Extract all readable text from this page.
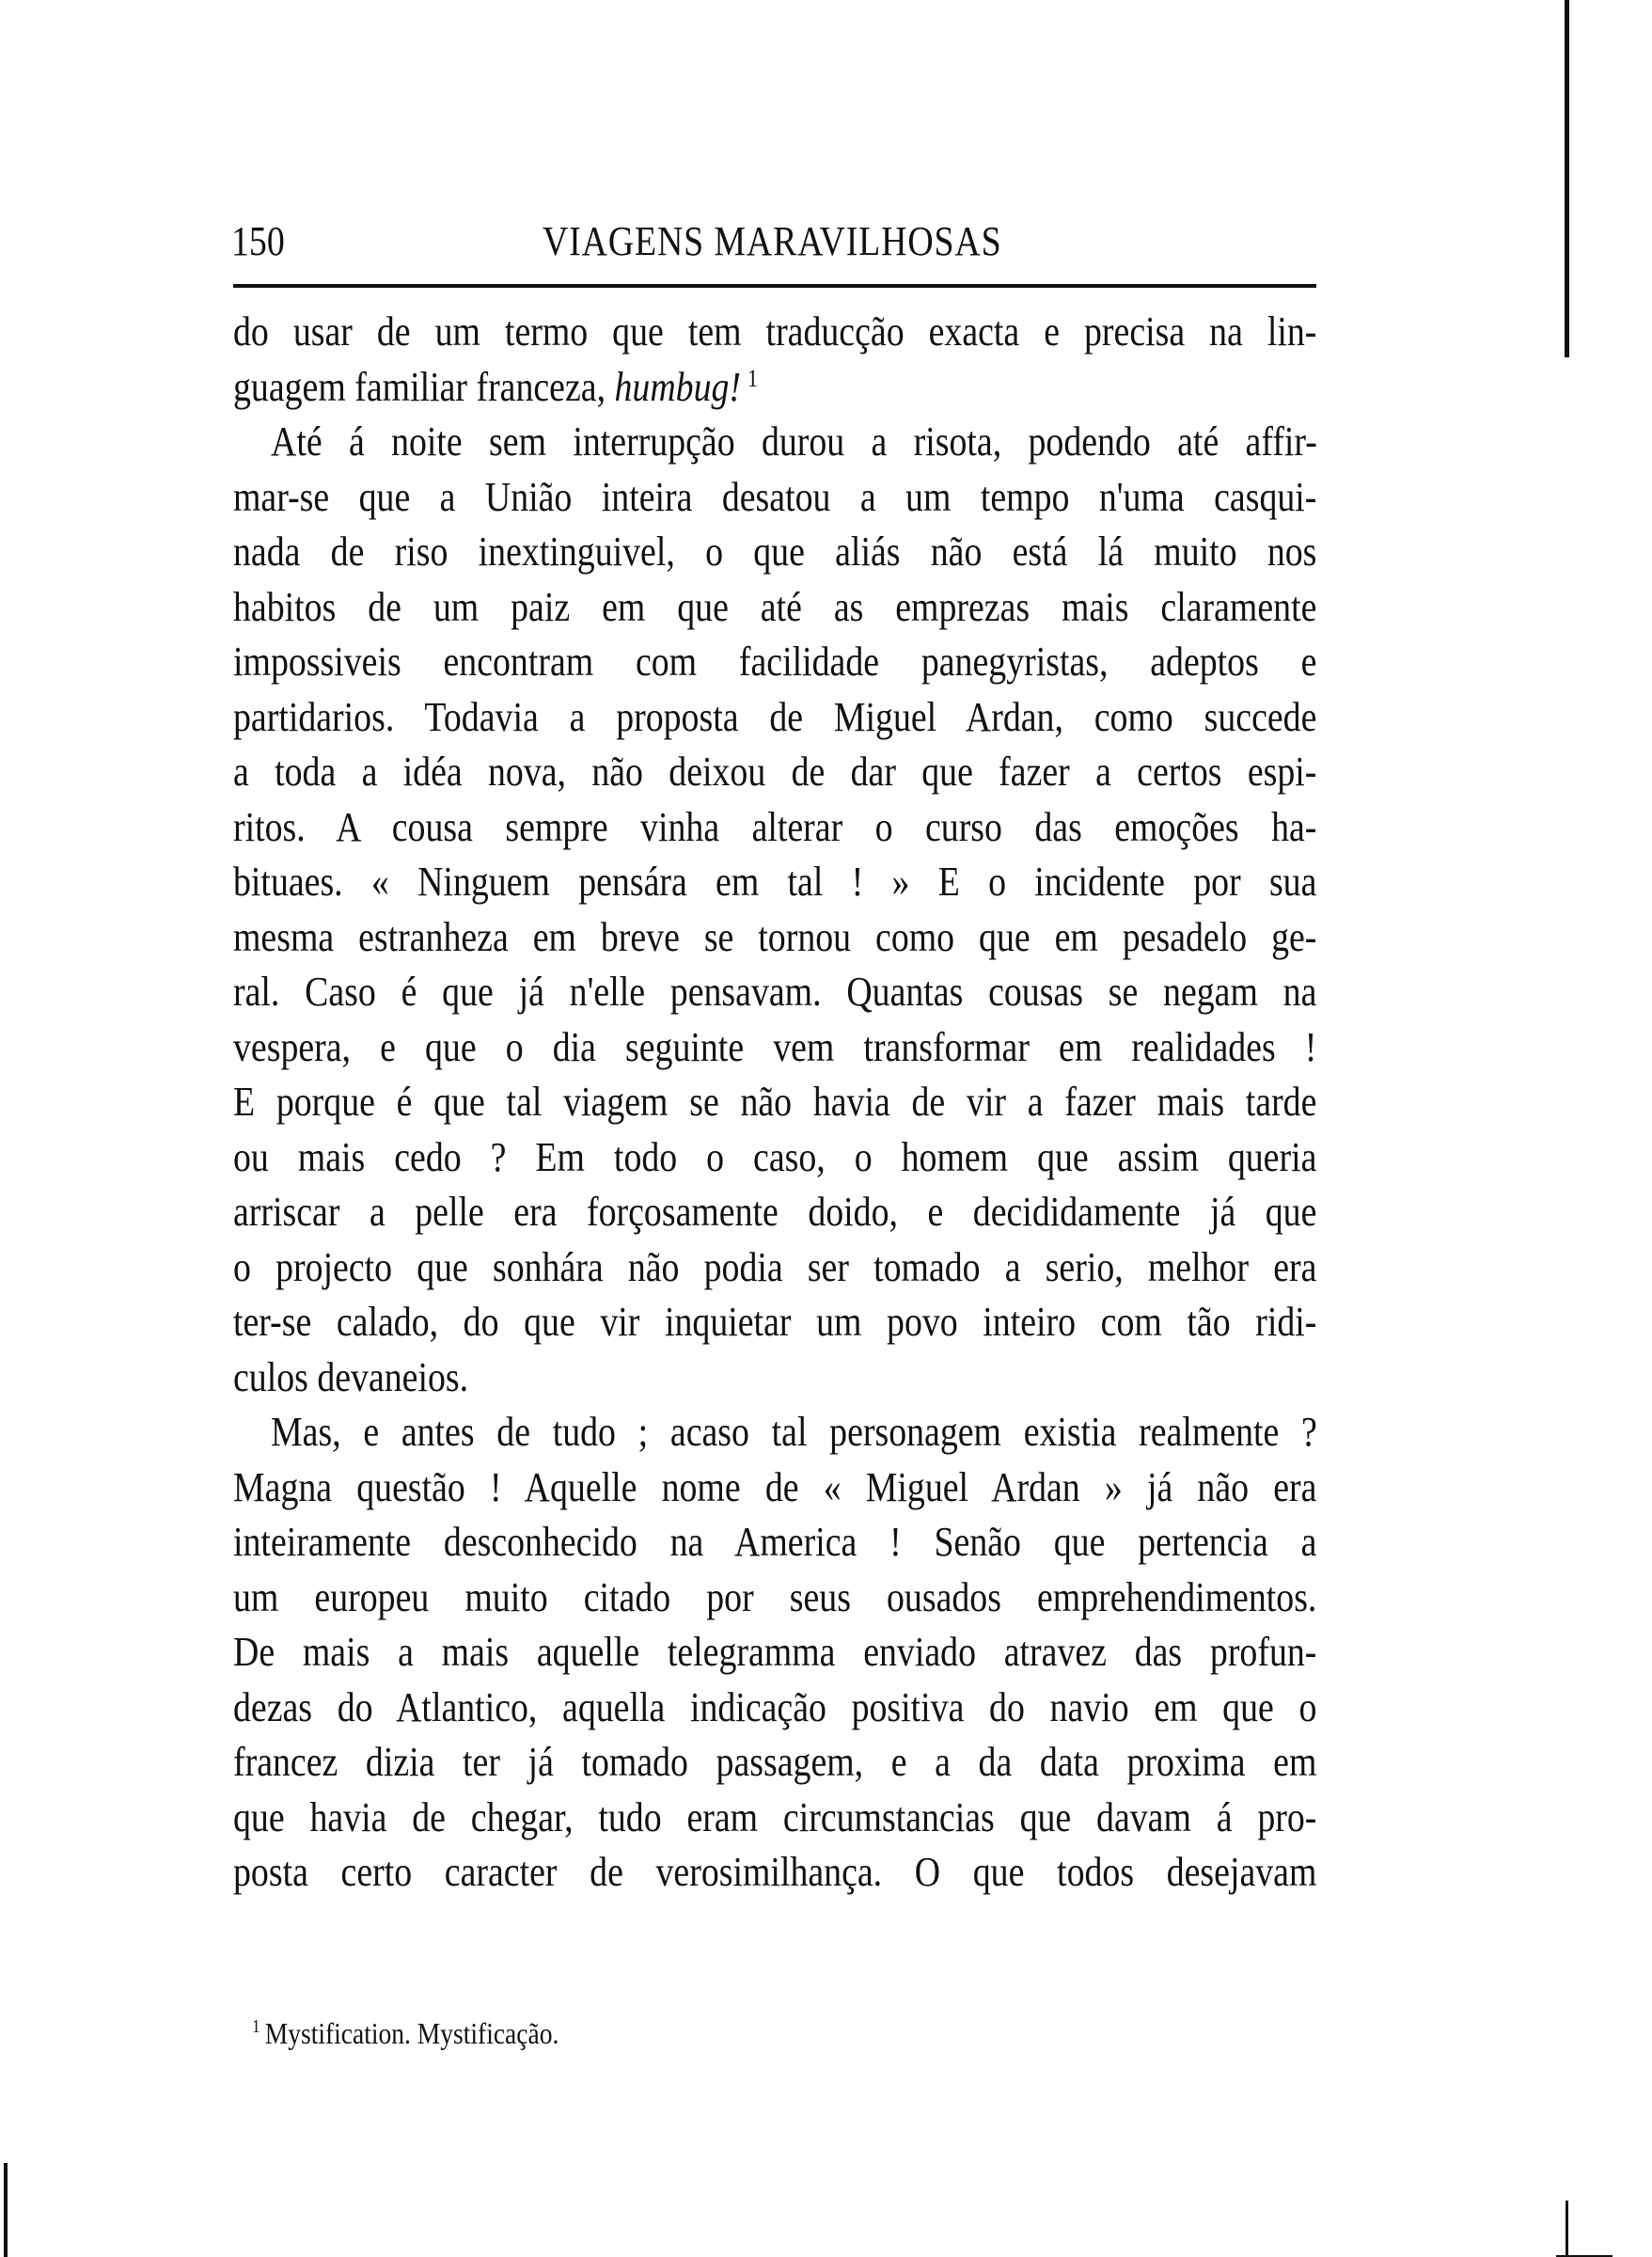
150	VIAGENS MARAVILHOSAS
do usar de um termo que tem traducção exacta e precisa na lin-
guagem familiar franceza, humbug! $^1$
Até á noite sem interrupção durou a risota, podendo até affir-
mar-se que a União inteira desatou a um tempo n'uma casqui-
nada de riso inextinguivel, o que aliás não está lá muito nos
habitos de um paiz em que até as emprezas mais claramente
impossiveis encontram com facilidade panegyristas, adeptos e
partidarios. Todavia a proposta de Miguel Ardan, como succede
a toda a idéa nova, não deixou de dar que fazer a certos espi-
ritos. A cousa sempre vinha alterar o curso das emoções ha-
bituaes. « Ninguem pensára em tal ! » E o incidente por sua
mesma estranheza em breve se tornou como que em pesadelo ge-
ral. Caso é que já n'elle pensavam. Quantas cousas se negam na
vespera, e que o dia seguinte vem transformar em realidades !
E porque é que tal viagem se não havia de vir a fazer mais tarde
ou mais cedo ? Em todo o caso, o homem que assim queria
arriscar a pelle era forçosamente doido, e decididamente já que
o projecto que sonhára não podia ser tomado a serio, melhor era
ter-se calado, do que vir inquietar um povo inteiro com tão ridi-
culos devaneios.
Mas, e antes de tudo ; acaso tal personagem existia realmente ?
Magna questão ! Aquelle nome de « Miguel Ardan » já não era
inteiramente desconhecido na America ! Senão que pertencia a
um europeu muito citado por seus ousados emprehendimentos.
De mais a mais aquelle telegramma enviado atravez das profun-
dezas do Atlantico, aquella indicação positiva do navio em que o
francez dizia ter já tomado passagem, e a da data proxima em
que havia de chegar, tudo eram circumstancias que davam á pro-
posta certo caracter de verosimilhança. O que todos desejavam
$^1$ Mystification. Mystificação.
